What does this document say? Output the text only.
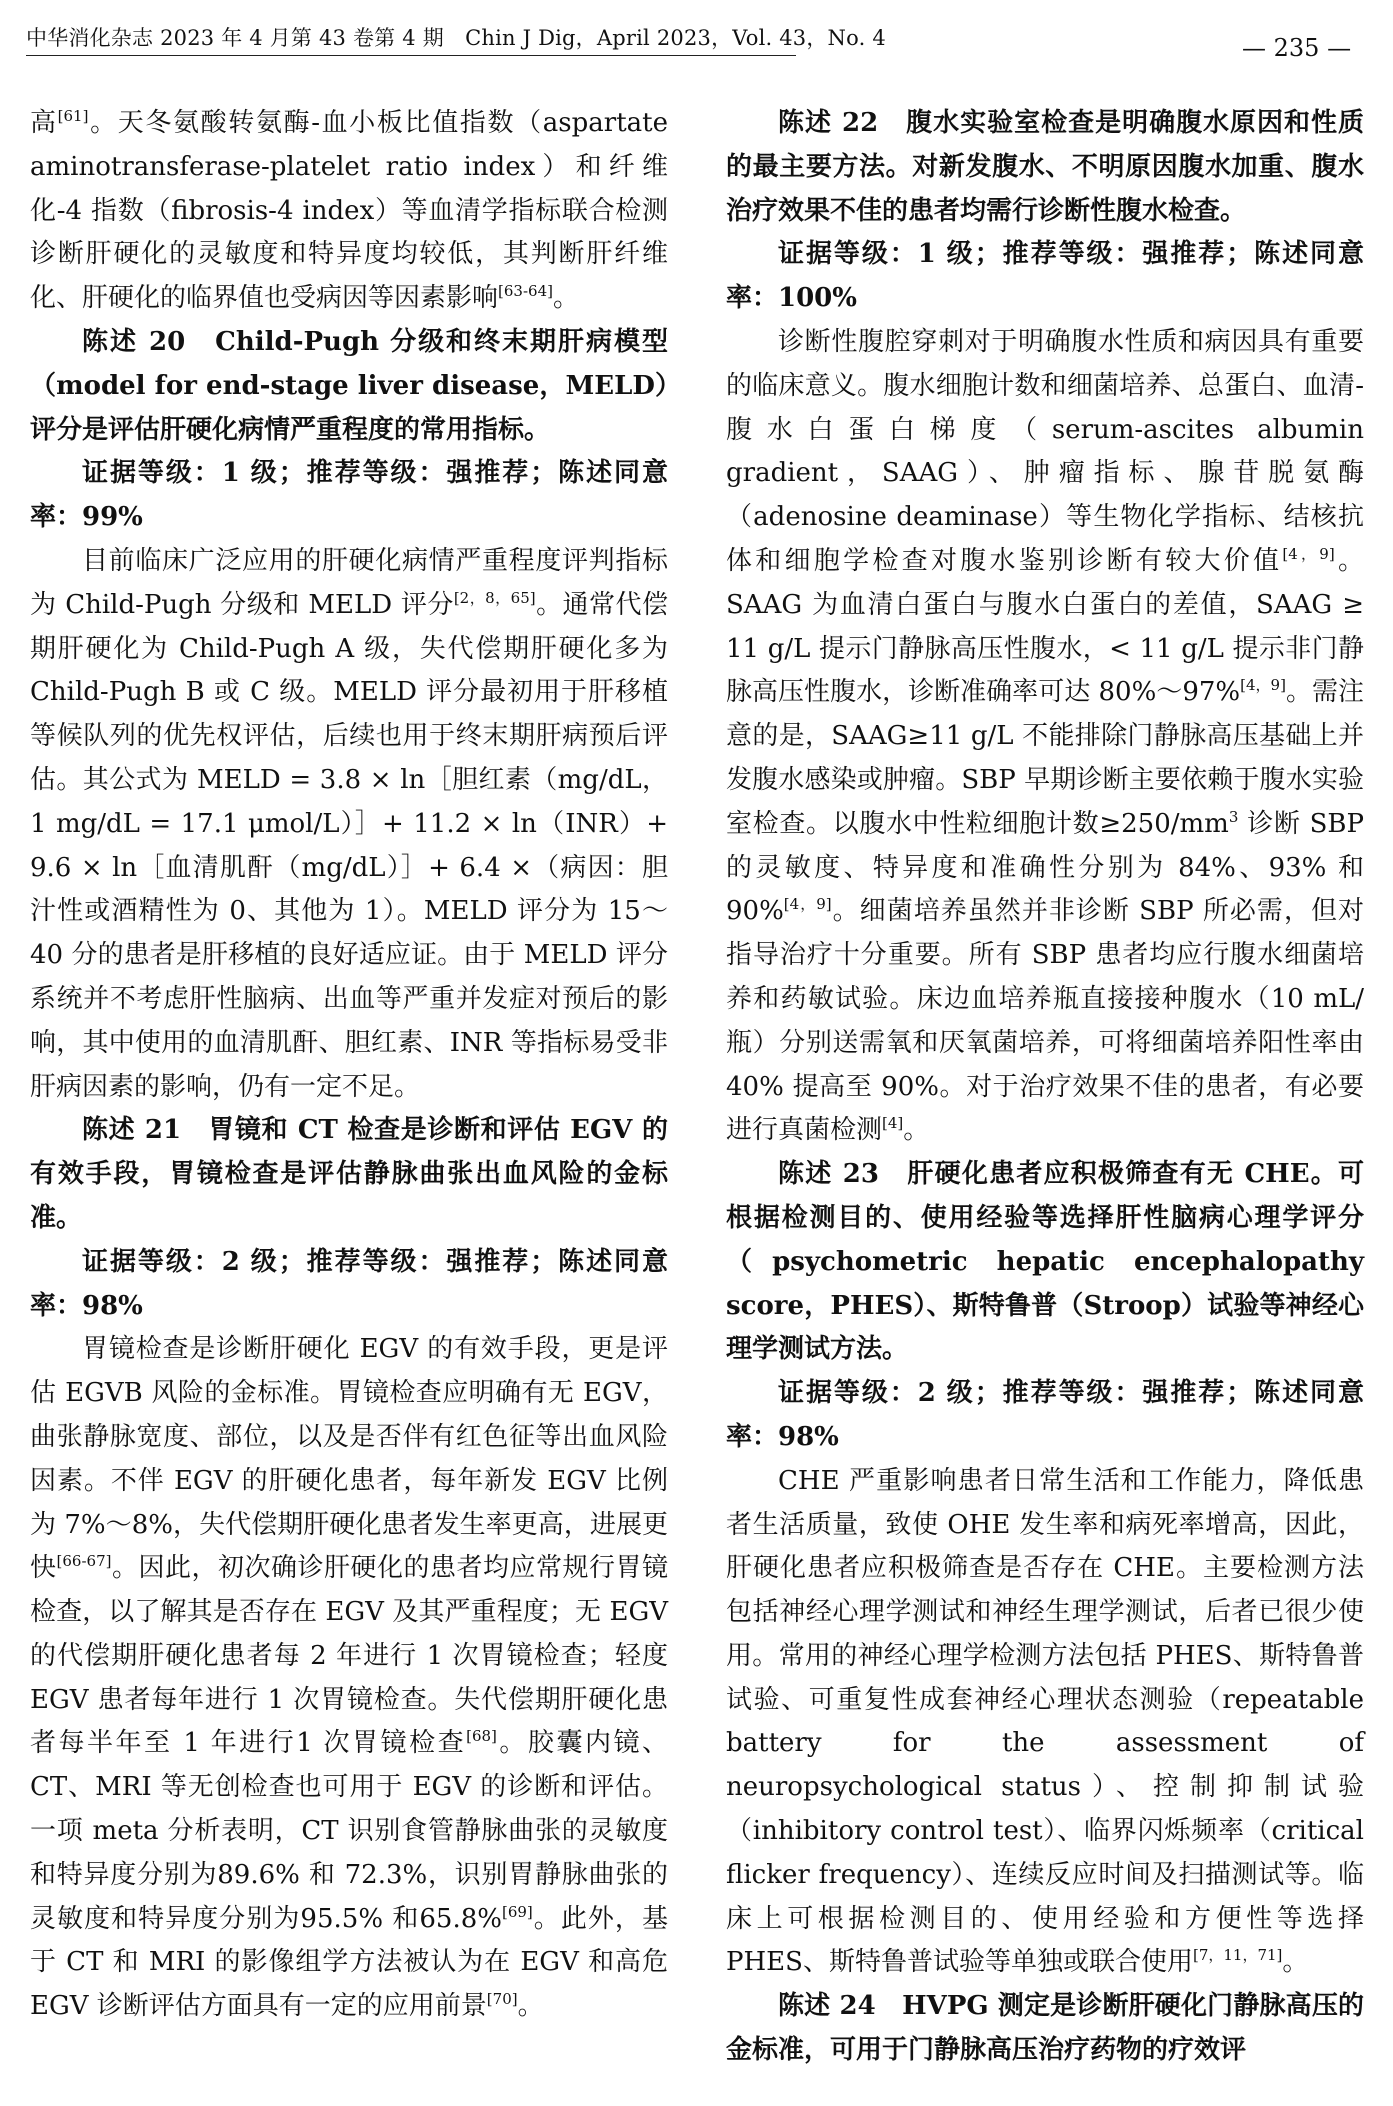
中华消化杂志 2023 年 4 月第 43 卷第 4 期　Chin J Dig，April 2023，Vol. 43，No. 4	— 235 —

高[61]。天冬氨酸转氨酶-血小板比值指数（aspartate aminotransferase-platelet ratio index）和纤维化-4 指数（fibrosis-4 index）等血清学指标联合检测诊断肝硬化的灵敏度和特异度均较低，其判断肝纤维化、肝硬化的临界值也受病因等因素影响[63-64]。

陈述 20　Child-Pugh 分级和终末期肝病模型（model for end-stage liver disease，MELD）评分是评估肝硬化病情严重程度的常用指标。

证据等级：1 级；推荐等级：强推荐；陈述同意率：99%

目前临床广泛应用的肝硬化病情严重程度评判指标为 Child-Pugh 分级和 MELD 评分[2，8，65]。通常代偿期肝硬化为 Child-Pugh A 级，失代偿期肝硬化多为 Child-Pugh B 或 C 级。MELD 评分最初用于肝移植等候队列的优先权评估，后续也用于终末期肝病预后评估。其公式为 MELD = 3.8 × ln［胆红素（mg/dL，1 mg/dL = 17.1 μmol/L）］+ 11.2 × ln（INR）+ 9.6 × ln［血清肌酐（mg/dL）］+ 6.4 ×（病因：胆汁性或酒精性为 0、其他为 1）。MELD 评分为 15～40 分的患者是肝移植的良好适应证。由于 MELD 评分系统并不考虑肝性脑病、出血等严重并发症对预后的影响，其中使用的血清肌酐、胆红素、INR 等指标易受非肝病因素的影响，仍有一定不足。

陈述 21　胃镜和 CT 检查是诊断和评估 EGV 的有效手段，胃镜检查是评估静脉曲张出血风险的金标准。

证据等级：2 级；推荐等级：强推荐；陈述同意率：98%

胃镜检查是诊断肝硬化 EGV 的有效手段，更是评估 EGVB 风险的金标准。胃镜检查应明确有无 EGV，曲张静脉宽度、部位，以及是否伴有红色征等出血风险因素。不伴 EGV 的肝硬化患者，每年新发 EGV 比例为 7%～8%，失代偿期肝硬化患者发生率更高，进展更快[66-67]。因此，初次确诊肝硬化的患者均应常规行胃镜检查，以了解其是否存在 EGV 及其严重程度；无 EGV 的代偿期肝硬化患者每 2 年进行 1 次胃镜检查；轻度 EGV 患者每年进行 1 次胃镜检查。失代偿期肝硬化患者每半年至 1 年进行1 次胃镜检查[68]。胶囊内镜、CT、MRI 等无创检查也可用于 EGV 的诊断和评估。一项 meta 分析表明，CT 识别食管静脉曲张的灵敏度和特异度分别为89.6% 和 72.3%，识别胃静脉曲张的灵敏度和特异度分别为95.5% 和65.8%[69]。此外，基于 CT 和 MRI 的影像组学方法被认为在 EGV 和高危 EGV 诊断评估方面具有一定的应用前景[70]。

陈述 22　腹水实验室检查是明确腹水原因和性质的最主要方法。对新发腹水、不明原因腹水加重、腹水治疗效果不佳的患者均需行诊断性腹水检查。

证据等级：1 级；推荐等级：强推荐；陈述同意率：100%

诊断性腹腔穿刺对于明确腹水性质和病因具有重要的临床意义。腹水细胞计数和细菌培养、总蛋白、血清-腹水白蛋白梯度（serum-ascites albumin gradient，SAAG）、肿瘤指标、腺苷脱氨酶（adenosine deaminase）等生物化学指标、结核抗体和细胞学检查对腹水鉴别诊断有较大价值[4，9]。SAAG 为血清白蛋白与腹水白蛋白的差值，SAAG ≥ 11 g/L 提示门静脉高压性腹水，< 11 g/L 提示非门静脉高压性腹水，诊断准确率可达 80%～97%[4，9]。需注意的是，SAAG≥11 g/L 不能排除门静脉高压基础上并发腹水感染或肿瘤。SBP 早期诊断主要依赖于腹水实验室检查。以腹水中性粒细胞计数$\ge 250/mm^3$ 诊断 SBP 的灵敏度、特异度和准确性分别为 84%、93% 和 90%[4，9]。细菌培养虽然并非诊断 SBP 所必需，但对指导治疗十分重要。所有 SBP 患者均应行腹水细菌培养和药敏试验。床边血培养瓶直接接种腹水（10 mL/瓶）分别送需氧和厌氧菌培养，可将细菌培养阳性率由 40% 提高至 90%。对于治疗效果不佳的患者，有必要进行真菌检测[4]。

陈述 23　肝硬化患者应积极筛查有无 CHE。可根据检测目的、使用经验等选择肝性脑病心理学评分（psychometric hepatic encephalopathy score，PHES）、斯特鲁普（Stroop）试验等神经心理学测试方法。

证据等级：2 级；推荐等级：强推荐；陈述同意率：98%

CHE 严重影响患者日常生活和工作能力，降低患者生活质量，致使 OHE 发生率和病死率增高，因此，肝硬化患者应积极筛查是否存在 CHE。主要检测方法包括神经心理学测试和神经生理学测试，后者已很少使用。常用的神经心理学检测方法包括 PHES、斯特鲁普试验、可重复性成套神经心理状态测验（repeatable battery for the assessment of neuropsychological status）、控制抑制试验（inhibitory control test）、临界闪烁频率（critical flicker frequency）、连续反应时间及扫描测试等。临床上可根据检测目的、使用经验和方便性等选择 PHES、斯特鲁普试验等单独或联合使用[7，11，71]。

陈述 24　HVPG 测定是诊断肝硬化门静脉高压的金标准，可用于门静脉高压治疗药物的疗效评
